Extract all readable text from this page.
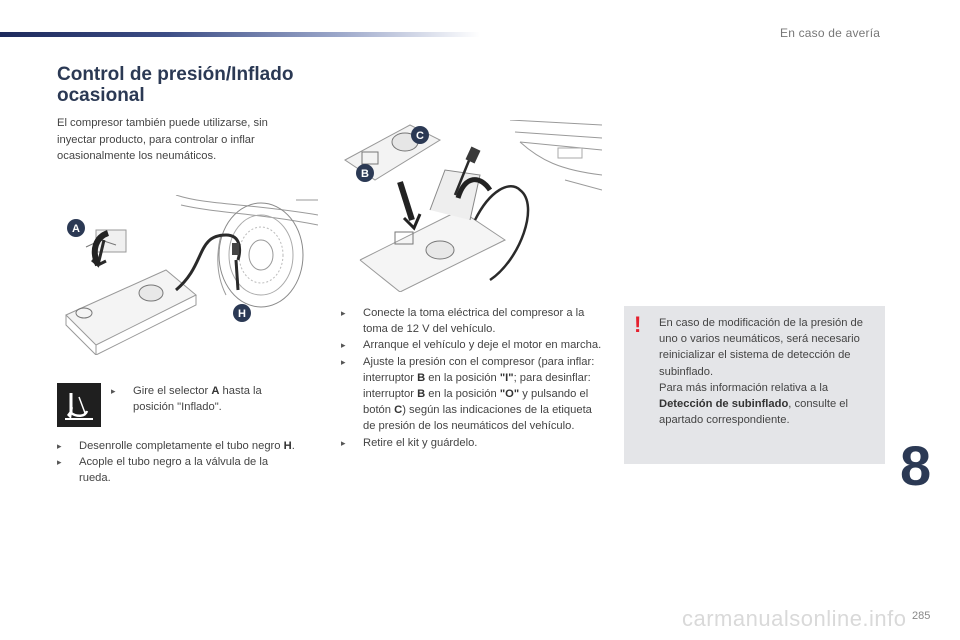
En caso de avería
Control de presión/Inflado ocasional

El compresor también puede utilizarse, sin inyectar producto, para controlar o inflar ocasionalmente los neumáticos.

A
H
C
B
▸ Gire el selector A hasta la posición "Inflado".
▸ Desenrolle completamente el tubo negro H.
▸ Acople el tubo negro a la válvula de la rueda.
▸ Conecte la toma eléctrica del compresor a la toma de 12 V del vehículo.
▸ Arranque el vehículo y deje el motor en marcha.
▸ Ajuste la presión con el compresor (para inflar: interruptor B en la posición "I"; para desinflar: interruptor B en la posición "O" y pulsando el botón C) según las indicaciones de la etiqueta de presión de los neumáticos del vehículo.
▸ Retire el kit y guárdelo.
! En caso de modificación de la presión de uno o varios neumáticos, será necesario reinicializar el sistema de detección de subinflado.
Para más información relativa a la Detección de subinflado, consulte el apartado correspondiente.
8
carmanualsonline.info 285
